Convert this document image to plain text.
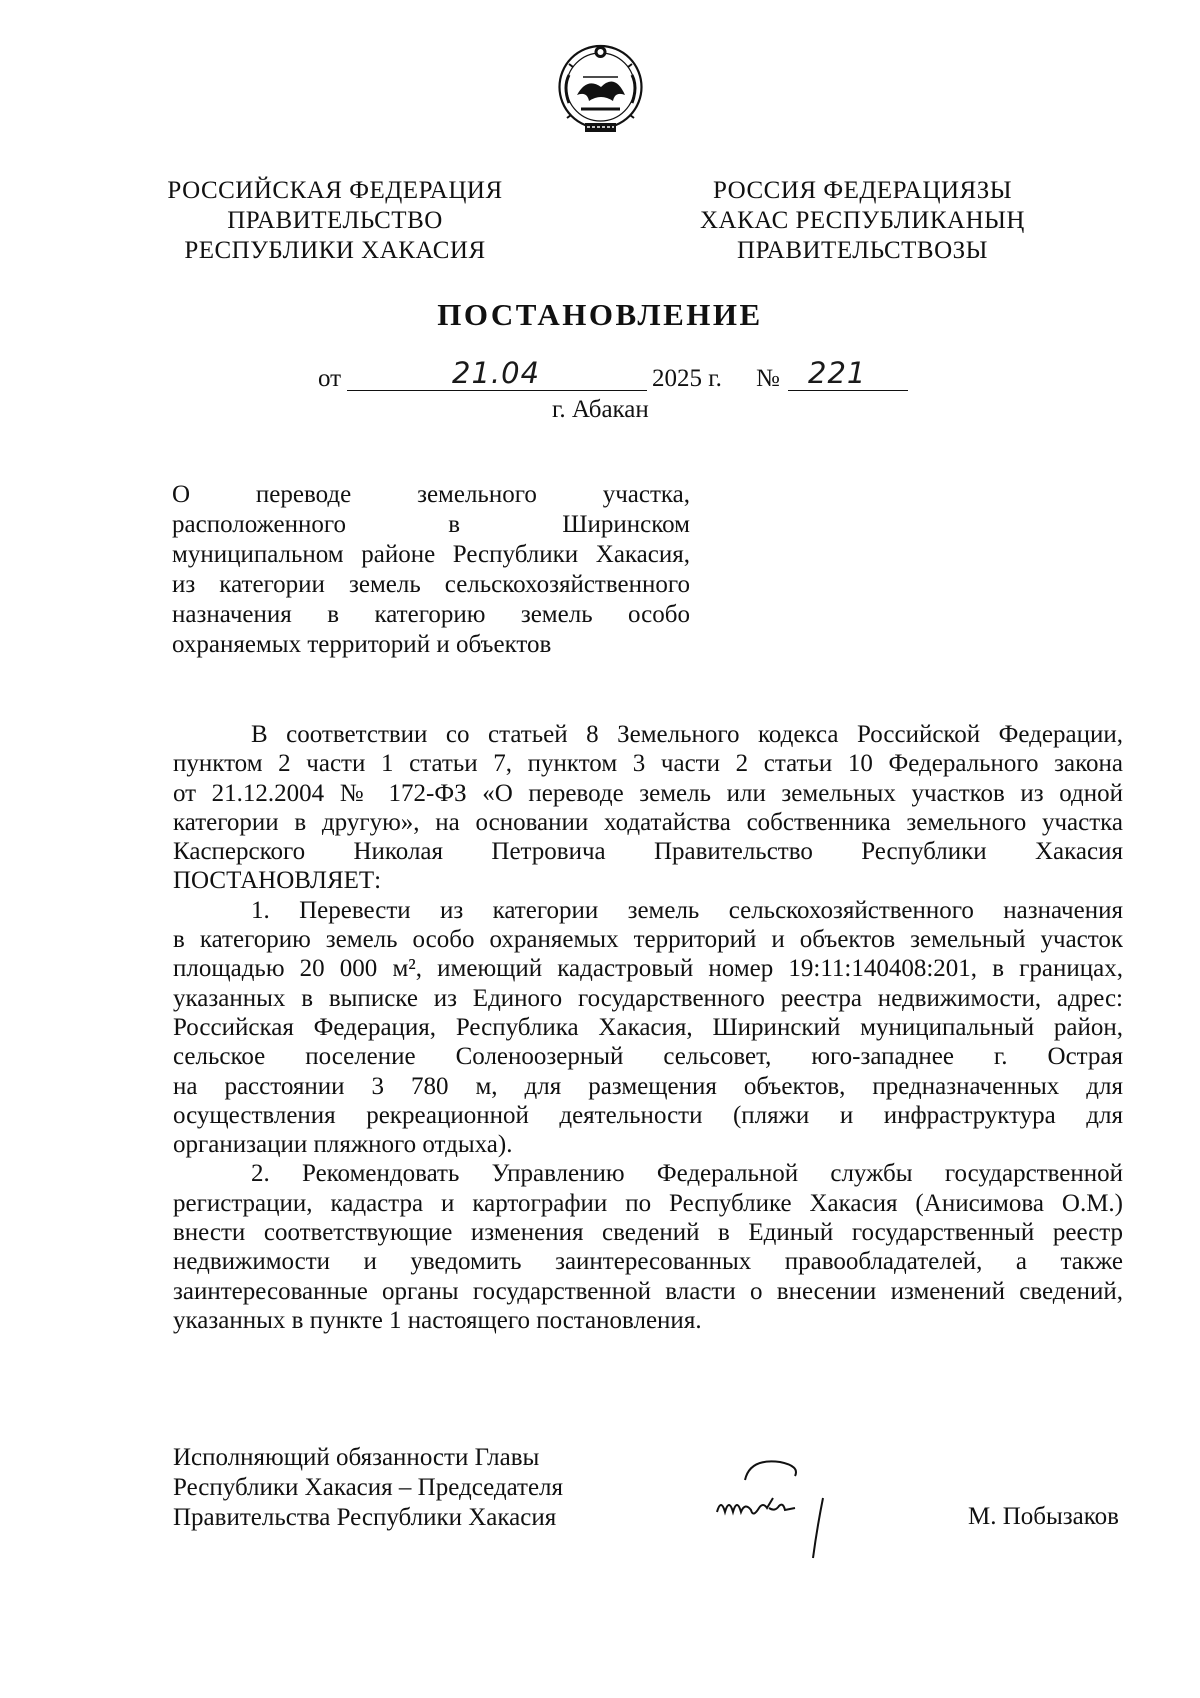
РОССИЙСКАЯ ФЕДЕРАЦИЯ
ПРАВИТЕЛЬСТВО
РЕСПУБЛИКИ ХАКАСИЯ
РОССИЯ ФЕДЕРАЦИЯЗЫ
ХАКАС РЕСПУБЛИКАНЫҢ
ПРАВИТЕЛЬСТВОЗЫ
ПОСТАНОВЛЕНИЕ
от	21.04	2025 г. № 221
г. Абакан
О переводе земельного участка,
расположенного в Ширинском
муниципальном районе Республики Хакасия,
из категории земель сельскохозяйственного
назначения в категорию земель особо
охраняемых территорий и объектов
В соответствии со статьей 8 Земельного кодекса Российской Федерации,
пунктом 2 части 1 статьи 7, пунктом 3 части 2 статьи 10 Федерального закона
от 21.12.2004 № 172-ФЗ «О переводе земель или земельных участков из одной
категории в другую», на основании ходатайства собственника земельного участка
Касперского Николая Петровича Правительство Республики Хакасия
ПОСТАНОВЛЯЕТ:
1. Перевести из категории земель сельскохозяйственного назначения
в категорию земель особо охраняемых территорий и объектов земельный участок
площадью 20 000 м², имеющий кадастровый номер 19:11:140408:201, в границах,
указанных в выписке из Единого государственного реестра недвижимости, адрес:
Российская Федерация, Республика Хакасия, Ширинский муниципальный район,
сельское поселение Соленоозерный сельсовет, юго-западнее г. Острая
на расстоянии 3 780 м, для размещения объектов, предназначенных для
осуществления рекреационной деятельности (пляжи и инфраструктура для
организации пляжного отдыха).
2. Рекомендовать Управлению Федеральной службы государственной
регистрации, кадастра и картографии по Республике Хакасия (Анисимова О.М.)
внести соответствующие изменения сведений в Единый государственный реестр
недвижимости и уведомить заинтересованных правообладателей, а также
заинтересованные органы государственной власти о внесении изменений сведений,
указанных в пункте 1 настоящего постановления.
Исполняющий обязанности Главы
Республики Хакасия – Председателя
Правительства Республики Хакасия	М. Побызаков
